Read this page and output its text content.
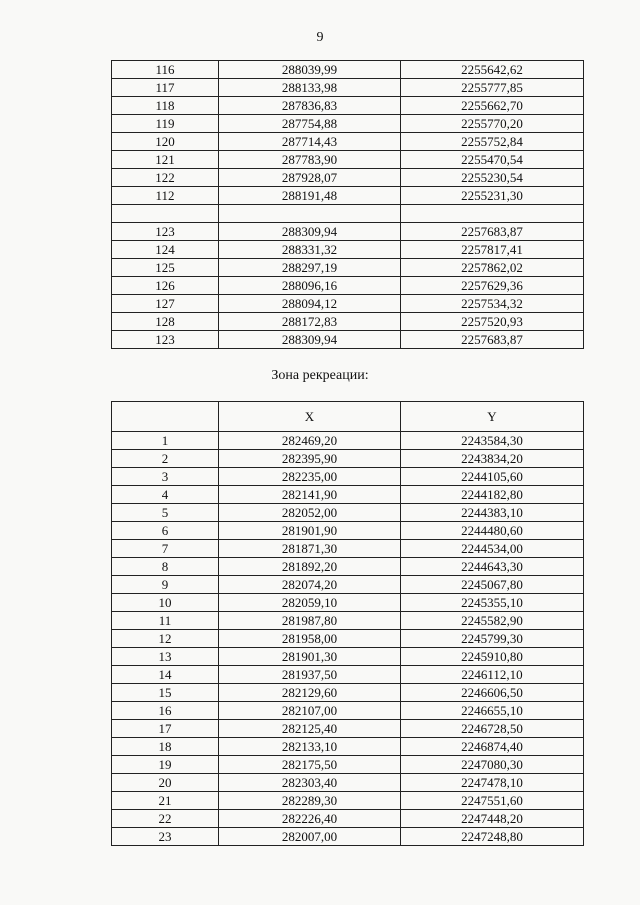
9
116	288039,99	2255642,62
117	288133,98	2255777,85
118	287836,83	2255662,70
119	287754,88	2255770,20
120	287714,43	2255752,84
121	287783,90	2255470,54
122	287928,07	2255230,54
112	288191,48	2255231,30

123	288309,94	2257683,87
124	288331,32	2257817,41
125	288297,19	2257862,02
126	288096,16	2257629,36
127	288094,12	2257534,32
128	288172,83	2257520,93
123	288309,94	2257683,87
Зона рекреации:
	X	Y
1	282469,20	2243584,30
2	282395,90	2243834,20
3	282235,00	2244105,60
4	282141,90	2244182,80
5	282052,00	2244383,10
6	281901,90	2244480,60
7	281871,30	2244534,00
8	281892,20	2244643,30
9	282074,20	2245067,80
10	282059,10	2245355,10
11	281987,80	2245582,90
12	281958,00	2245799,30
13	281901,30	2245910,80
14	281937,50	2246112,10
15	282129,60	2246606,50
16	282107,00	2246655,10
17	282125,40	2246728,50
18	282133,10	2246874,40
19	282175,50	2247080,30
20	282303,40	2247478,10
21	282289,30	2247551,60
22	282226,40	2247448,20
23	282007,00	2247248,80
